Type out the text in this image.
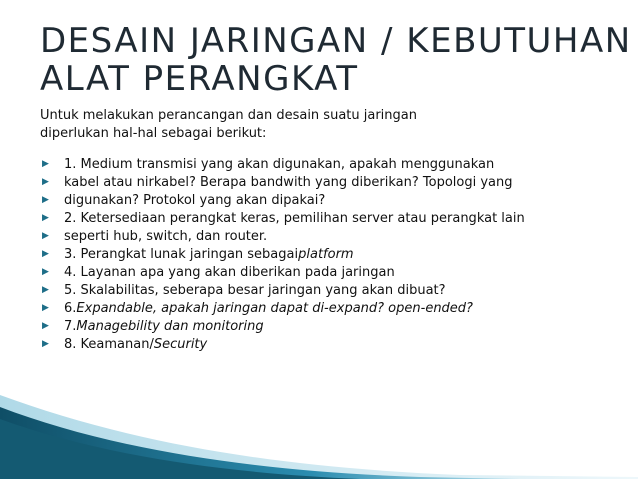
DESAIN JARINGAN / KEBUTUHAN
ALAT PERANGKAT
Untuk melakukan perancangan dan desain suatu jaringan
diperlukan hal-hal sebagai berikut:
▶ 1. Medium transmisi yang akan digunakan, apakah menggunakan
▶ kabel atau nirkabel? Berapa bandwith yang diberikan? Topologi yang
▶ digunakan? Protokol yang akan dipakai?
▶ 2. Ketersediaan perangkat keras, pemilihan server atau perangkat lain
▶ seperti hub, switch, dan router.
▶ 3. Perangkat lunak jaringan sebagai platform
▶ 4. Layanan apa yang akan diberikan pada jaringan
▶ 5. Skalabilitas, seberapa besar jaringan yang akan dibuat?
▶ 6. Expandable, apakah jaringan dapat di-expand? open-ended?
▶ 7. Managebility dan monitoring
▶ 8. Keamanan/ Security
